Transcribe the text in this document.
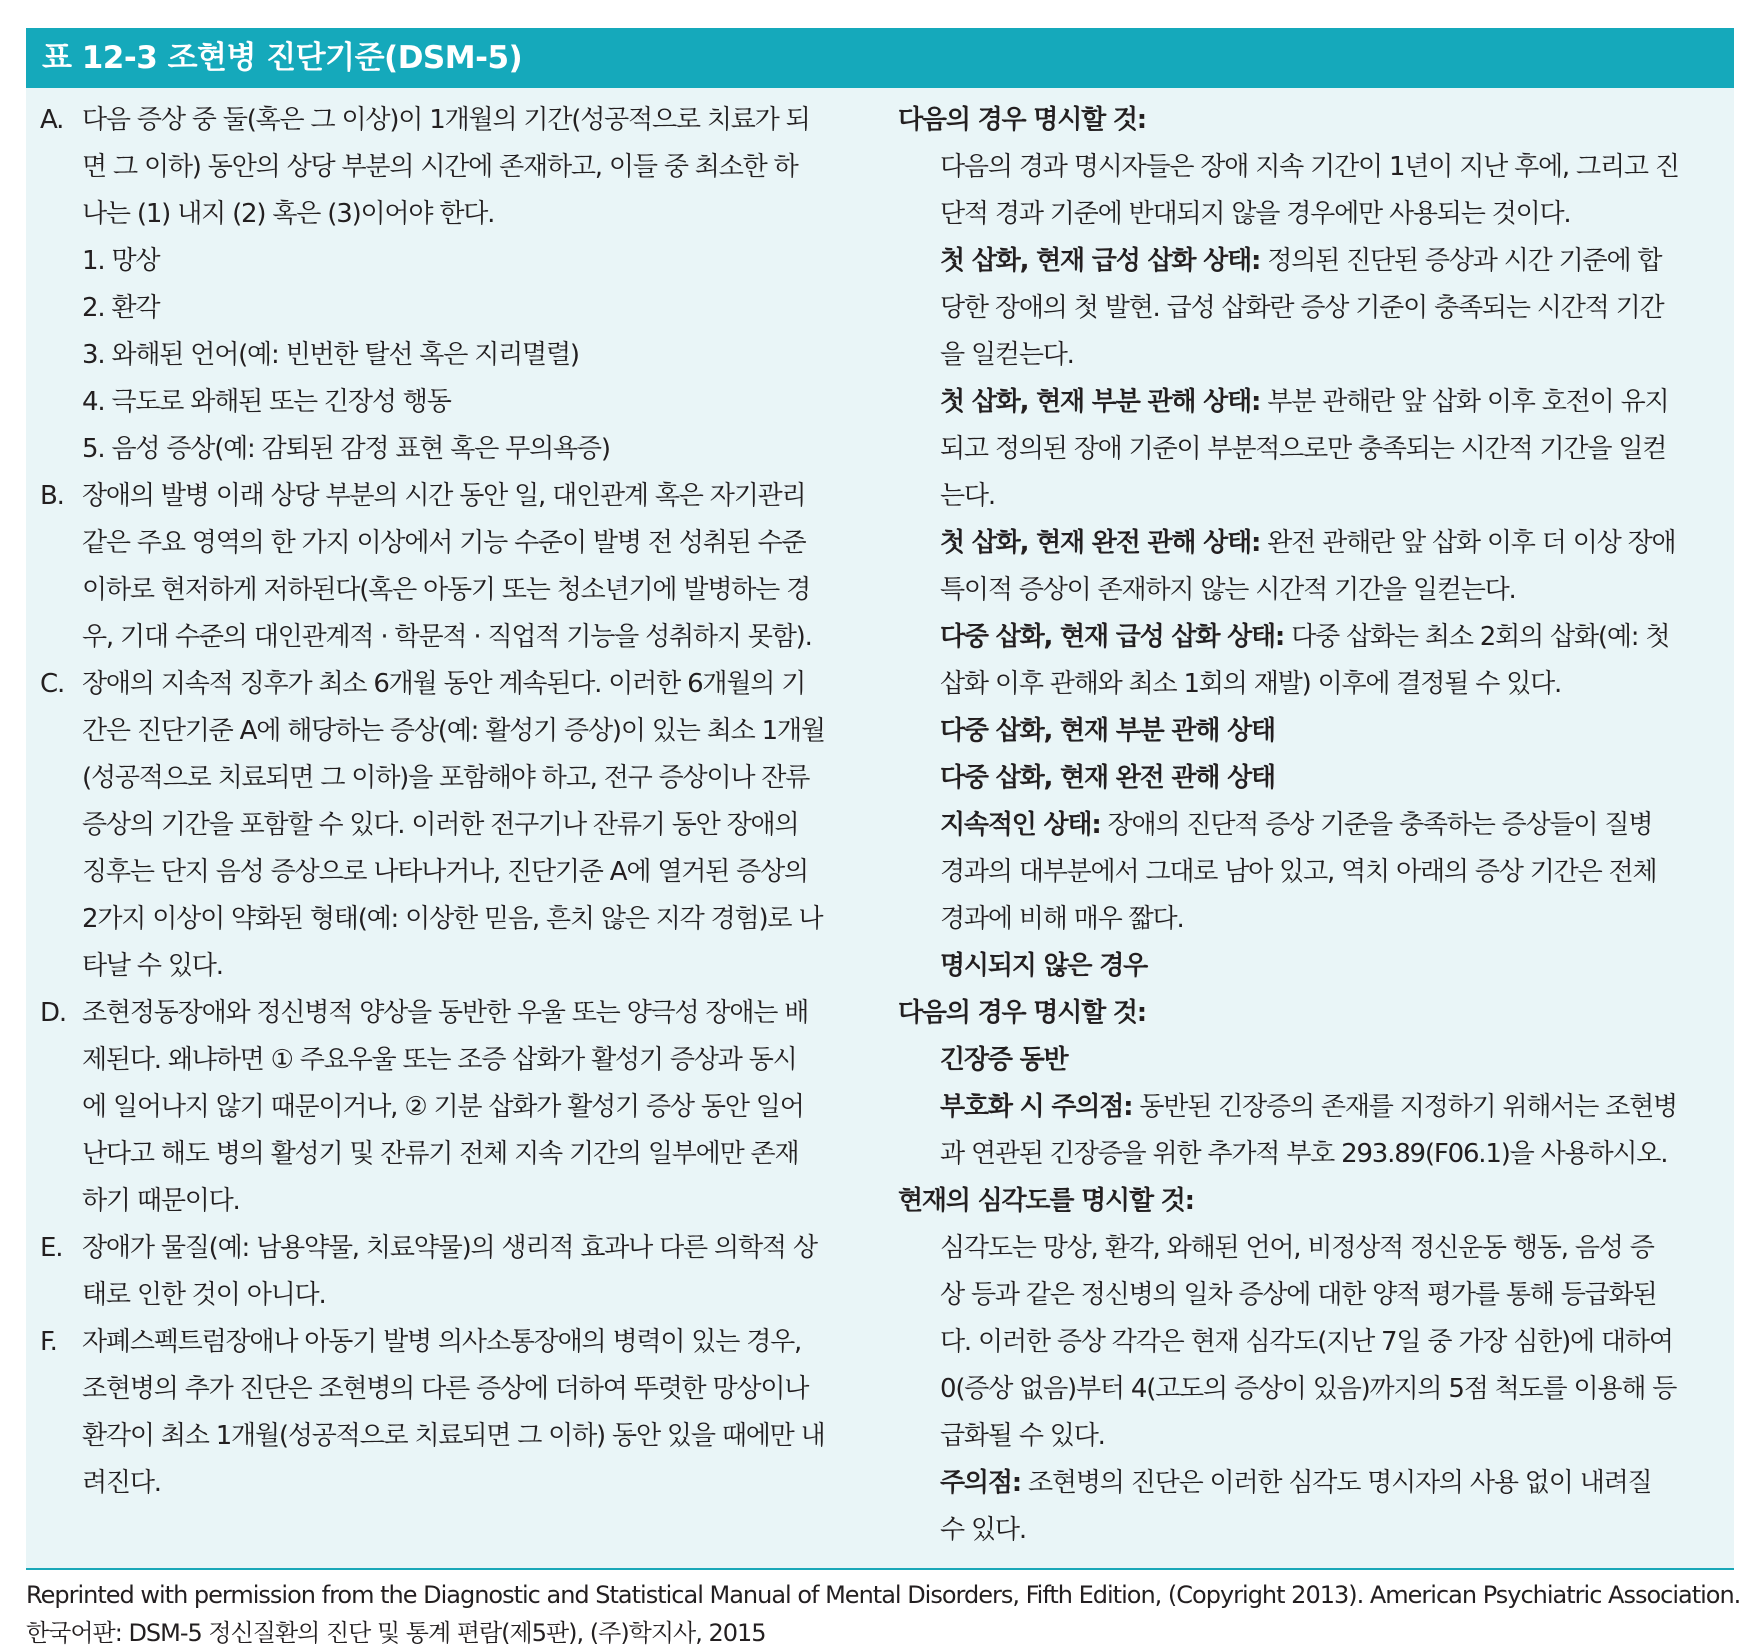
표 12-3 조현병 진단기준(DSM-5)
A. 다음 증상 중 둘(혹은 그 이상)이 1개월의 기간(성공적으로 치료가 되
면 그 이하) 동안의 상당 부분의 시간에 존재하고, 이들 중 최소한 하
나는 (1) 내지 (2) 혹은 (3)이어야 한다.
1. 망상
2. 환각
3. 와해된 언어(예: 빈번한 탈선 혹은 지리멸렬)
4. 극도로 와해된 또는 긴장성 행동
5. 음성 증상(예: 감퇴된 감정 표현 혹은 무의욕증)
B. 장애의 발병 이래 상당 부분의 시간 동안 일, 대인관계 혹은 자기관리
같은 주요 영역의 한 가지 이상에서 기능 수준이 발병 전 성취된 수준
이하로 현저하게 저하된다(혹은 아동기 또는 청소년기에 발병하는 경
우, 기대 수준의 대인관계적 · 학문적 · 직업적 기능을 성취하지 못함).
C. 장애의 지속적 징후가 최소 6개월 동안 계속된다. 이러한 6개월의 기
간은 진단기준 A에 해당하는 증상(예: 활성기 증상)이 있는 최소 1개월
(성공적으로 치료되면 그 이하)을 포함해야 하고, 전구 증상이나 잔류
증상의 기간을 포함할 수 있다. 이러한 전구기나 잔류기 동안 장애의
징후는 단지 음성 증상으로 나타나거나, 진단기준 A에 열거된 증상의
2가지 이상이 약화된 형태(예: 이상한 믿음, 흔치 않은 지각 경험)로 나
타날 수 있다.
D. 조현정동장애와 정신병적 양상을 동반한 우울 또는 양극성 장애는 배
제된다. 왜냐하면 ① 주요우울 또는 조증 삽화가 활성기 증상과 동시
에 일어나지 않기 때문이거나, ② 기분 삽화가 활성기 증상 동안 일어
난다고 해도 병의 활성기 및 잔류기 전체 지속 기간의 일부에만 존재
하기 때문이다.
E. 장애가 물질(예: 남용약물, 치료약물)의 생리적 효과나 다른 의학적 상
태로 인한 것이 아니다.
F. 자폐스펙트럼장애나 아동기 발병 의사소통장애의 병력이 있는 경우,
조현병의 추가 진단은 조현병의 다른 증상에 더하여 뚜렷한 망상이나
환각이 최소 1개월(성공적으로 치료되면 그 이하) 동안 있을 때에만 내
려진다.
다음의 경우 명시할 것:
다음의 경과 명시자들은 장애 지속 기간이 1년이 지난 후에, 그리고 진
단적 경과 기준에 반대되지 않을 경우에만 사용되는 것이다.
첫 삽화, 현재 급성 삽화 상태: 정의된 진단된 증상과 시간 기준에 합
당한 장애의 첫 발현. 급성 삽화란 증상 기준이 충족되는 시간적 기간
을 일컫는다.
첫 삽화, 현재 부분 관해 상태: 부분 관해란 앞 삽화 이후 호전이 유지
되고 정의된 장애 기준이 부분적으로만 충족되는 시간적 기간을 일컫
는다.
첫 삽화, 현재 완전 관해 상태: 완전 관해란 앞 삽화 이후 더 이상 장애
특이적 증상이 존재하지 않는 시간적 기간을 일컫는다.
다중 삽화, 현재 급성 삽화 상태: 다중 삽화는 최소 2회의 삽화(예: 첫
삽화 이후 관해와 최소 1회의 재발) 이후에 결정될 수 있다.
다중 삽화, 현재 부분 관해 상태
다중 삽화, 현재 완전 관해 상태
지속적인 상태: 장애의 진단적 증상 기준을 충족하는 증상들이 질병
경과의 대부분에서 그대로 남아 있고, 역치 아래의 증상 기간은 전체
경과에 비해 매우 짧다.
명시되지 않은 경우
다음의 경우 명시할 것:
긴장증 동반
부호화 시 주의점: 동반된 긴장증의 존재를 지정하기 위해서는 조현병
과 연관된 긴장증을 위한 추가적 부호 293.89(F06.1)을 사용하시오.
현재의 심각도를 명시할 것:
심각도는 망상, 환각, 와해된 언어, 비정상적 정신운동 행동, 음성 증
상 등과 같은 정신병의 일차 증상에 대한 양적 평가를 통해 등급화된
다. 이러한 증상 각각은 현재 심각도(지난 7일 중 가장 심한)에 대하여
0(증상 없음)부터 4(고도의 증상이 있음)까지의 5점 척도를 이용해 등
급화될 수 있다.
주의점: 조현병의 진단은 이러한 심각도 명시자의 사용 없이 내려질
수 있다.
Reprinted with permission from the Diagnostic and Statistical Manual of Mental Disorders, Fifth Edition, (Copyright 2013). American Psychiatric Association.
한국어판: DSM-5 정신질환의 진단 및 통계 편람(제5판), (주)학지사, 2015
